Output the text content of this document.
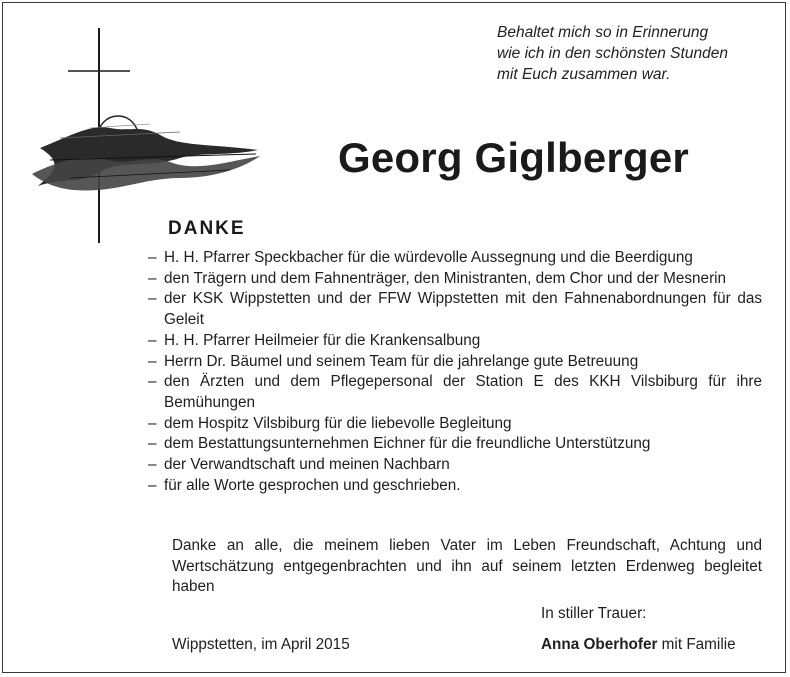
Behaltet mich so in Erinnerung
wie ich in den schönsten Stunden
mit Euch zusammen war.
Georg Giglberger
DANKE
– H. H. Pfarrer Speckbacher für die würdevolle Aussegnung und die Beerdigung
– den Trägern und dem Fahnenträger, den Ministranten, dem Chor und der Mesnerin
– der KSK Wippstetten und der FFW Wippstetten mit den Fahnenabordnungen für das Geleit
– H. H. Pfarrer Heilmeier für die Krankensalbung
– Herrn Dr. Bäumel und seinem Team für die jahrelange gute Betreuung
– den Ärzten und dem Pflegepersonal der Station E des KKH Vilsbiburg für ihre Bemühungen
– dem Hospitz Vilsbiburg für die liebevolle Begleitung
– dem Bestattungsunternehmen Eichner für die freundliche Unterstützung
– der Verwandtschaft und meinen Nachbarn
– für alle Worte gesprochen und geschrieben.
Danke an alle, die meinem lieben Vater im Leben Freundschaft, Achtung und Wertschätzung entgegenbrachten und ihn auf seinem letzten Erdenweg begleitet haben
In stiller Trauer:
Wippstetten, im April 2015	Anna Oberhofer mit Familie
